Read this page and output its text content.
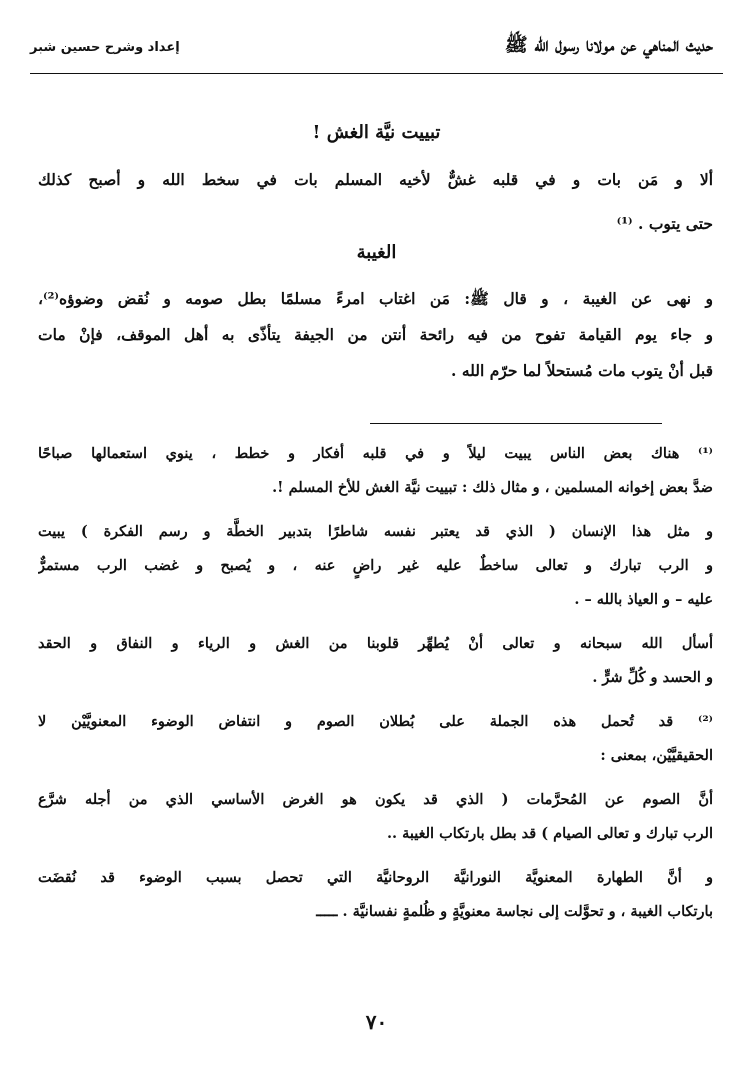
حديث المناهي عن مولانا رسول الله ﷺ
إعداد وشرح حسين شبر
تبييت نيَّة الغش !
ألا و مَن بات و في قلبه غشٌّ لأخيه المسلم بات في سخط الله و أصبح كذلك
حتى يتوب . ⁽¹⁾
الغيبة
و نهى عن الغيبة ، و قال ﷺ: مَن اغتاب امرءً مسلمًا بطل صومه و نُقض وضوؤه⁽²⁾،
و جاء يوم القيامة تفوح من فيه رائحة أنتن من الجيفة يتأذّى به أهل الموقف، فإنْ مات
قبل أنْ يتوب مات مُستحلاً لما حرّم الله .
⁽¹⁾ هناك بعض الناس يبيت ليلاً و في قلبه أفكار و خطط ، ينوي استعمالها صباحًا
ضدَّ بعض إخوانه المسلمين ، و مثال ذلك : تبييت نيَّة الغش للأخ المسلم !.
و مثل هذا الإنسان ( الذي قد يعتبر نفسه شاطرًا بتدبير الخطَّة و رسم الفكرة ) يبيت
و الرب تبارك و تعالى ساخطٌ عليه غير راضٍ عنه ، و يُصبح و غضب الرب مستمرٌّ
عليه – و العياذ بالله – .
أسأل الله سبحانه و تعالى أنْ يُطهِّر قلوبنا من الغش و الرياء و النفاق و الحقد
و الحسد و كُلِّ شرٍّ .
⁽²⁾ قد تُحمل هذه الجملة على بُطلان الصوم و انتفاض الوضوء المعنويَّيْن لا
الحقيقيَّيْن، بمعنى :
أنَّ الصوم عن المُحرَّمات ( الذي قد يكون هو الغرض الأساسي الذي من أجله شرَّع
الرب تبارك و تعالى الصيام ) قد بطل بارتكاب الغيبة ..
و أنَّ الطهارة المعنويَّة النورانيَّة الروحانيَّة التي تحصل بسبب الوضوء قد نُقضَت
بارتكاب الغيبة ، و تحوَّلت إلى نجاسة معنويَّةٍ و ظُلمةٍ نفسانيَّة . ـــــ
٧٠
